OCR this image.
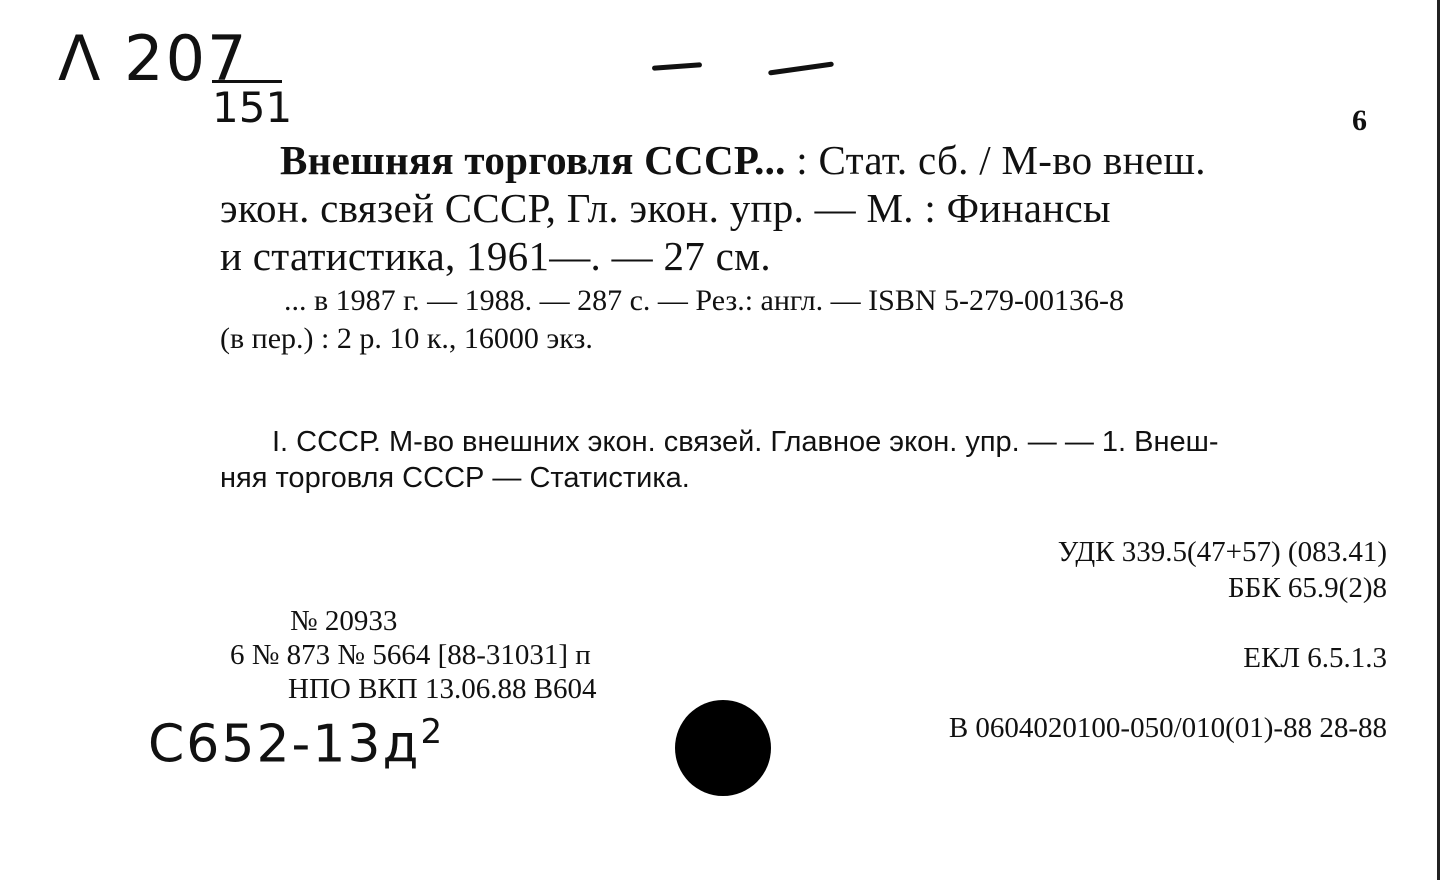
Λ 207
151	6
Внешняя торговля СССР... : Стат. сб. / М-во внеш.
экон. связей СССР, Гл. экон. упр. — М. : Финансы
и статистика, 1961—. — 27 см.
... в 1987 г. — 1988. — 287 с. — Рез.: англ. — ISBN 5-279-00136-8
(в пер.) : 2 р. 10 к., 16000 экз.
I. СССР. М-во внешних экон. связей. Главное экон. упр. — — 1. Внеш-
няя торговля СССР — Статистика.
УДК 339.5(47+57) (083.41)
ББК 65.9(2)8
ЕКЛ 6.5.1.3
В 0604020100-050/010(01)-88 28-88
№ 20933
6 № 873 № 5664 [88-31031] п
НПО ВКП 13.06.88 В604
$C652-13д^2$
